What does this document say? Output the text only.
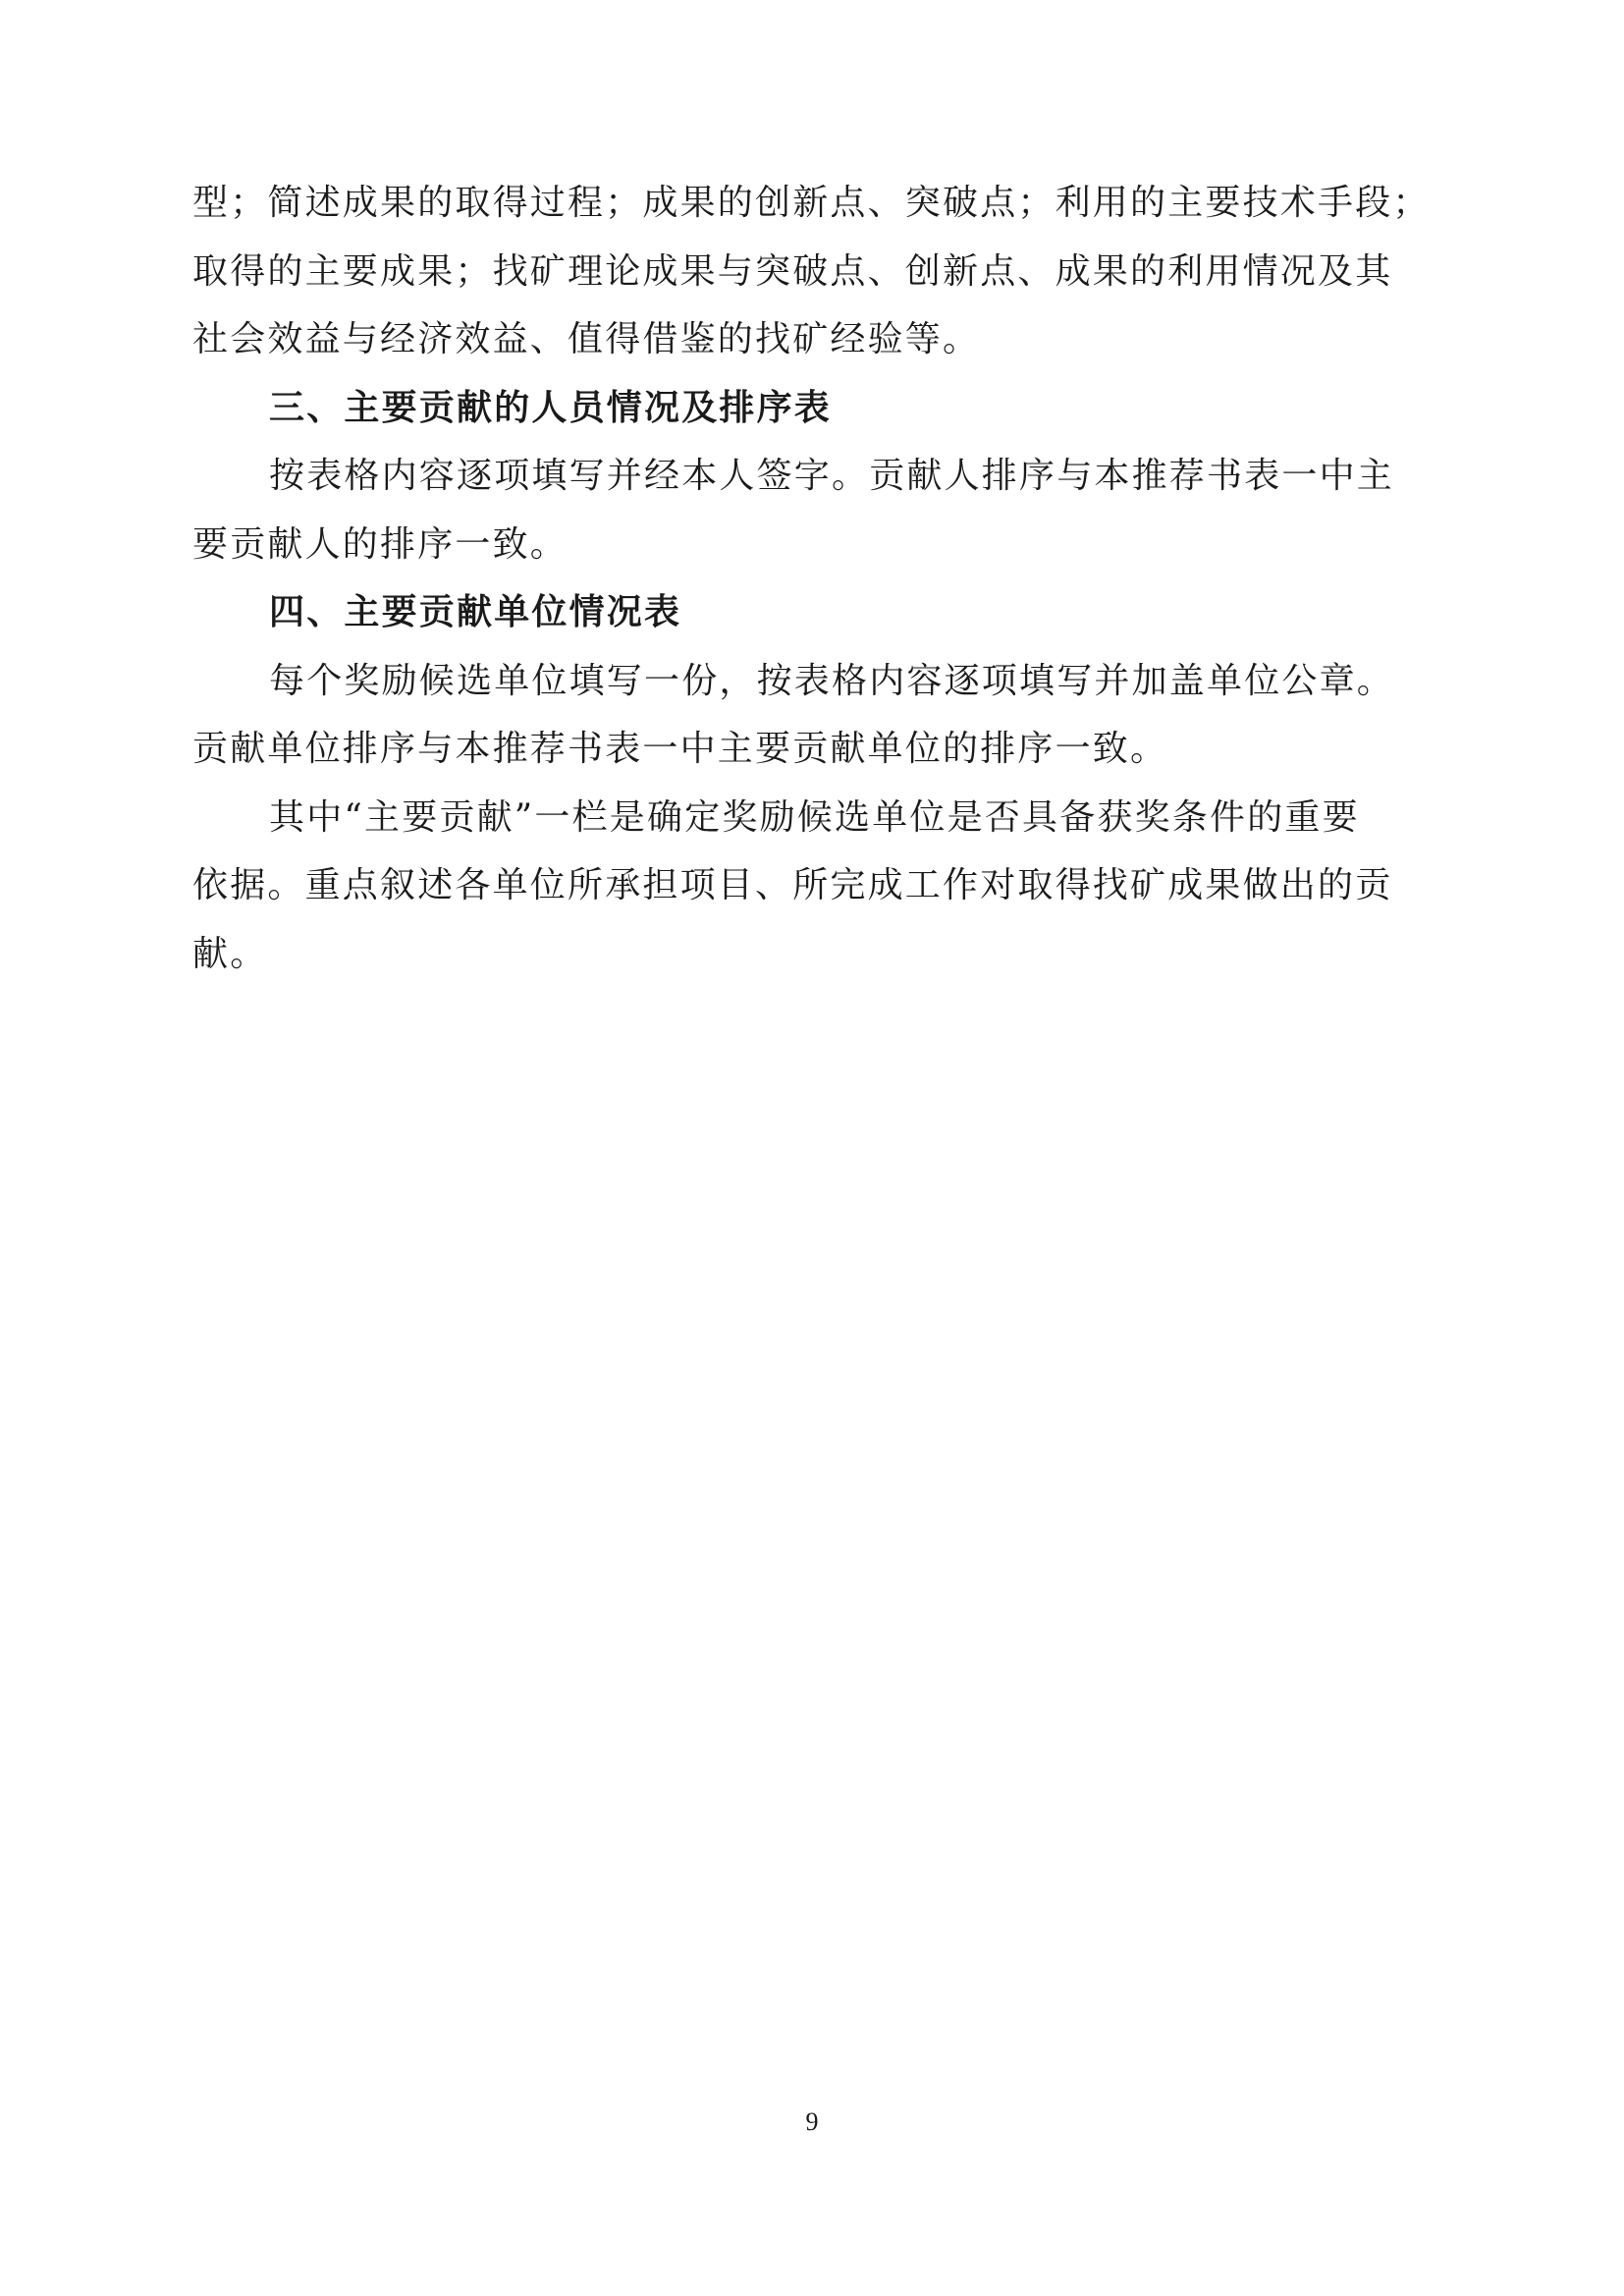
型；简述成果的取得过程；成果的创新点、突破点；利用的主要技术手段；
取得的主要成果；找矿理论成果与突破点、创新点、成果的利用情况及其
社会效益与经济效益、值得借鉴的找矿经验等。
三、主要贡献的人员情况及排序表
按表格内容逐项填写并经本人签字。贡献人排序与本推荐书表一中主
要贡献人的排序一致。
四、主要贡献单位情况表
每个奖励候选单位填写一份，按表格内容逐项填写并加盖单位公章。
贡献单位排序与本推荐书表一中主要贡献单位的排序一致。
其中“主要贡献”一栏是确定奖励候选单位是否具备获奖条件的重要
依据。重点叙述各单位所承担项目、所完成工作对取得找矿成果做出的贡
献。
9
